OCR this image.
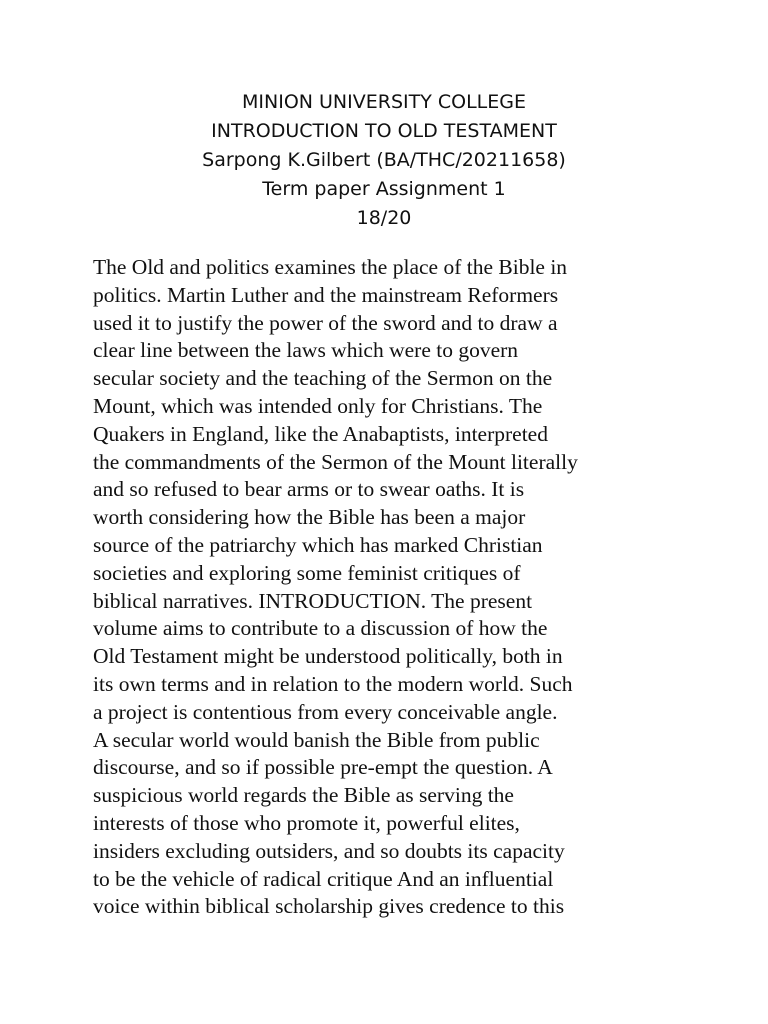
MINION UNIVERSITY COLLEGE
INTRODUCTION TO OLD TESTAMENT
Sarpong K.Gilbert (BA/THC/20211658)
Term paper Assignment 1
18/20
The Old and politics examines the place of the Bible in
politics. Martin Luther and the mainstream Reformers
used it to justify the power of the sword and to draw a
clear line between the laws which were to govern
secular society and the teaching of the Sermon on the
Mount, which was intended only for Christians. The
Quakers in England, like the Anabaptists, interpreted
the commandments of the Sermon of the Mount literally
and so refused to bear arms or to swear oaths. It is
worth considering how the Bible has been a major
source of the patriarchy which has marked Christian
societies and exploring some feminist critiques of
biblical narratives. INTRODUCTION. The present
volume aims to contribute to a discussion of how the
Old Testament might be understood politically, both in
its own terms and in relation to the modern world. Such
a project is contentious from every conceivable angle.
A secular world would banish the Bible from public
discourse, and so if possible pre-empt the question. A
suspicious world regards the Bible as serving the
interests of those who promote it, powerful elites,
insiders excluding outsiders, and so doubts its capacity
to be the vehicle of radical critique And an influential
voice within biblical scholarship gives credence to this
